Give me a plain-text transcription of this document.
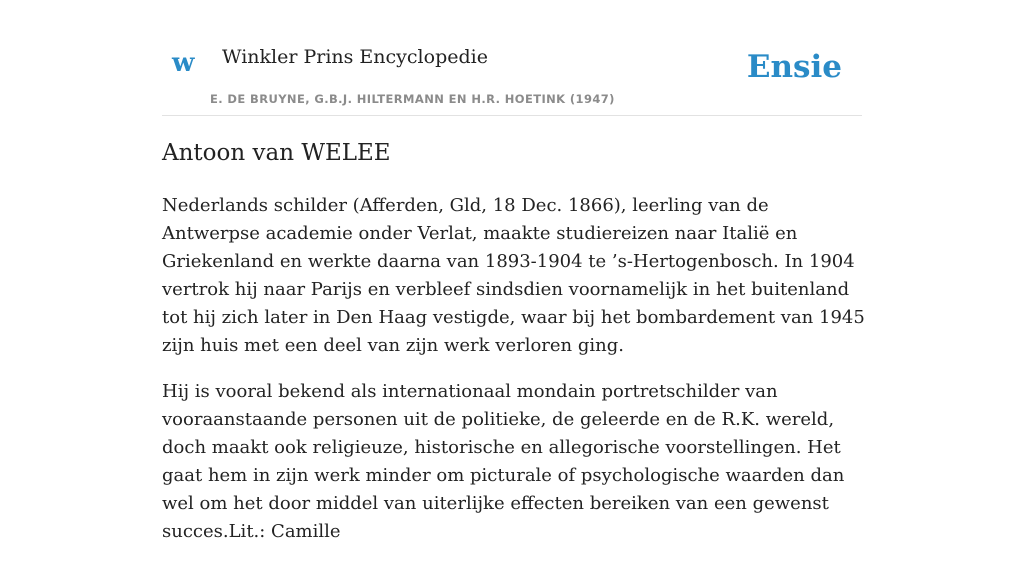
w Winkler Prins Encyclopedie
E. DE BRUYNE, G.B.J. HILTERMANN EN H.R. HOETINK (1947)
Ensie
Antoon van WELEE

Nederlands schilder (Afferden, Gld, 18 Dec. 1866), leerling van de Antwerpse academie onder Verlat, maakte studiereizen naar Italië en Griekenland en werkte daarna van 1893-1904 te ’s-Hertogenbosch. In 1904 vertrok hij naar Parijs en verbleef sindsdien voornamelijk in het buitenland tot hij zich later in Den Haag vestigde, waar bij het bombardement van 1945 zijn huis met een deel van zijn werk verloren ging.

Hij is vooral bekend als internationaal mondain portretschilder van vooraanstaande personen uit de politieke, de geleerde en de R.K. wereld, doch maakt ook religieuze, historische en allegorische voorstellingen. Het gaat hem in zijn werk minder om picturale of psychologische waarden dan wel om het door middel van uiterlijke effecten bereiken van een gewenst succes.Lit.: Camille
